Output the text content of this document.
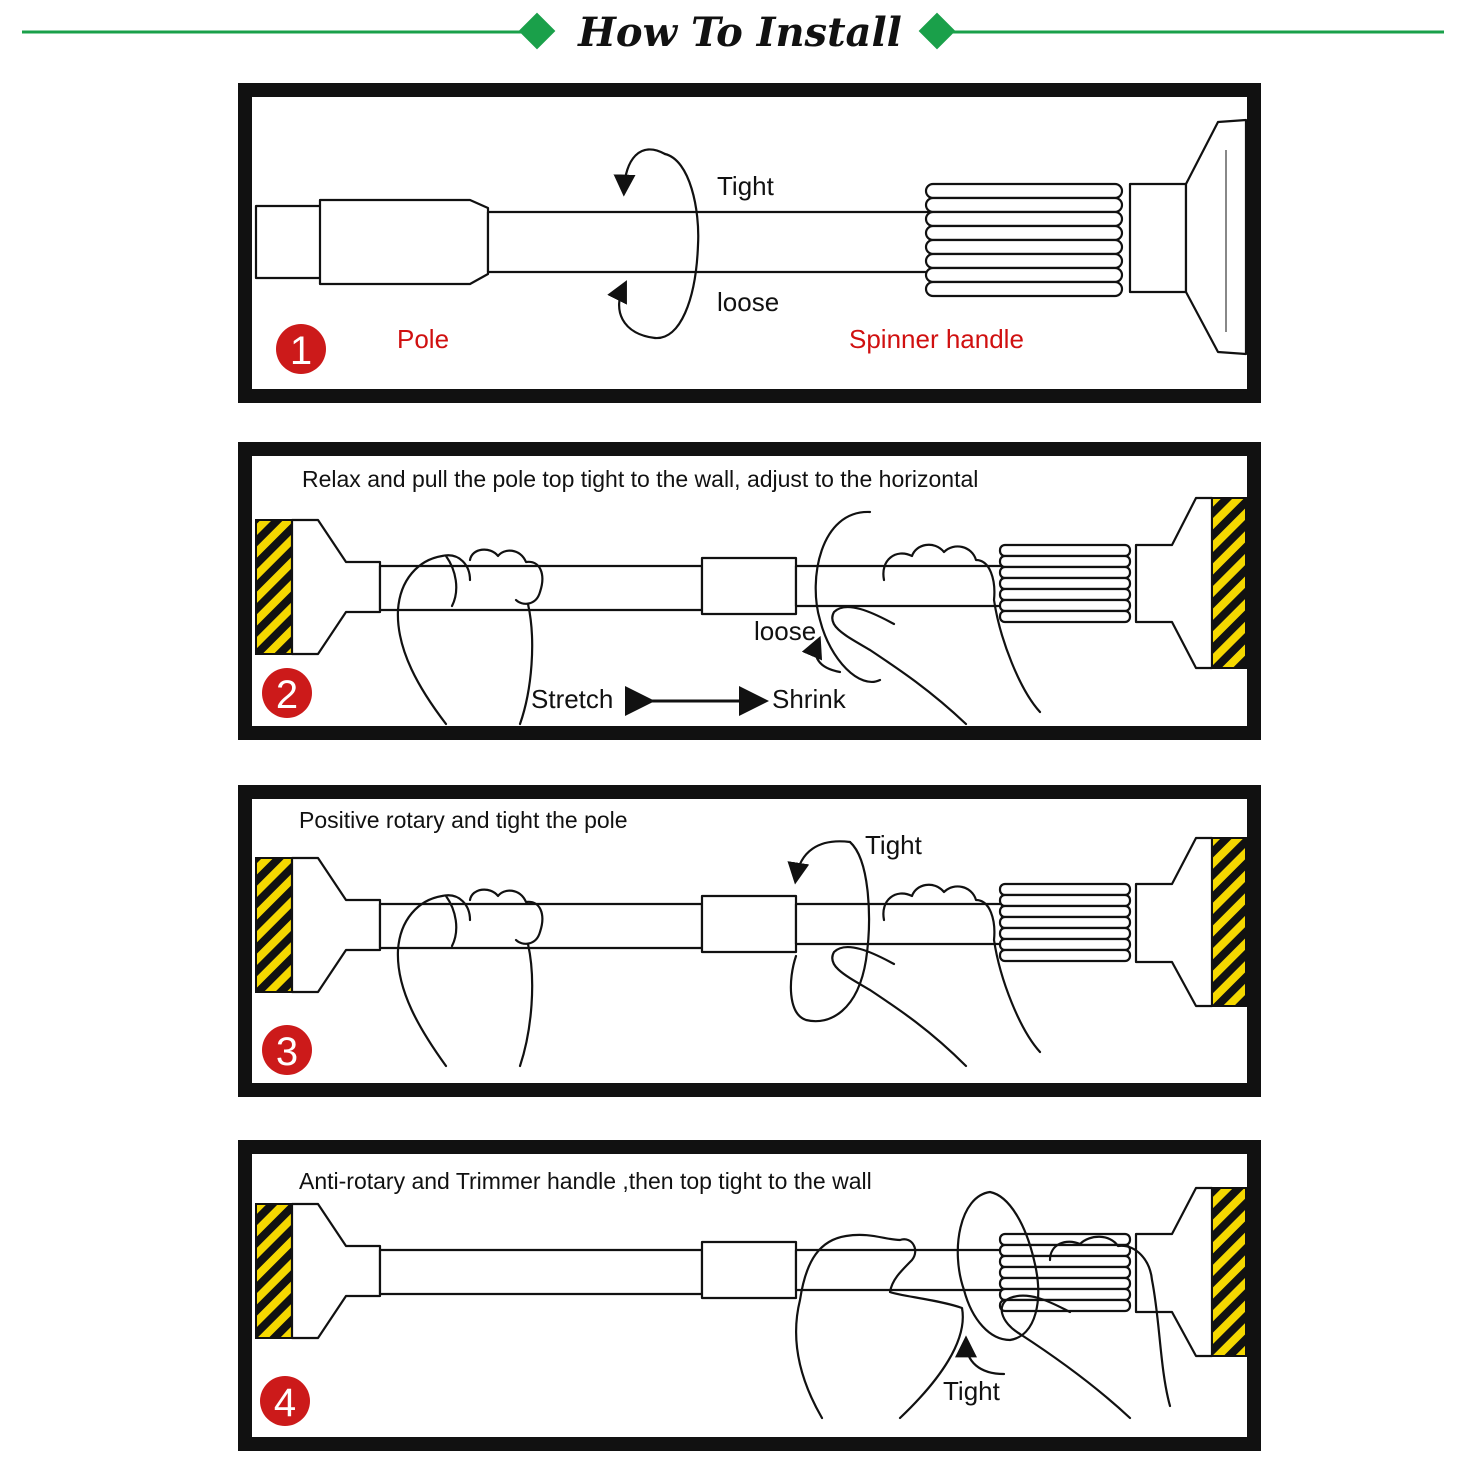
How To Install
Tight
loose
Pole	Spinner handle
1
Relax and pull the pole top tight to the wall, adjust to the horizontal
loose
Stretch	Shrink
2
Positive rotary and tight the pole
Tight
3
Anti-rotary and Trimmer handle ,then top tight to the wall
Tight
4
